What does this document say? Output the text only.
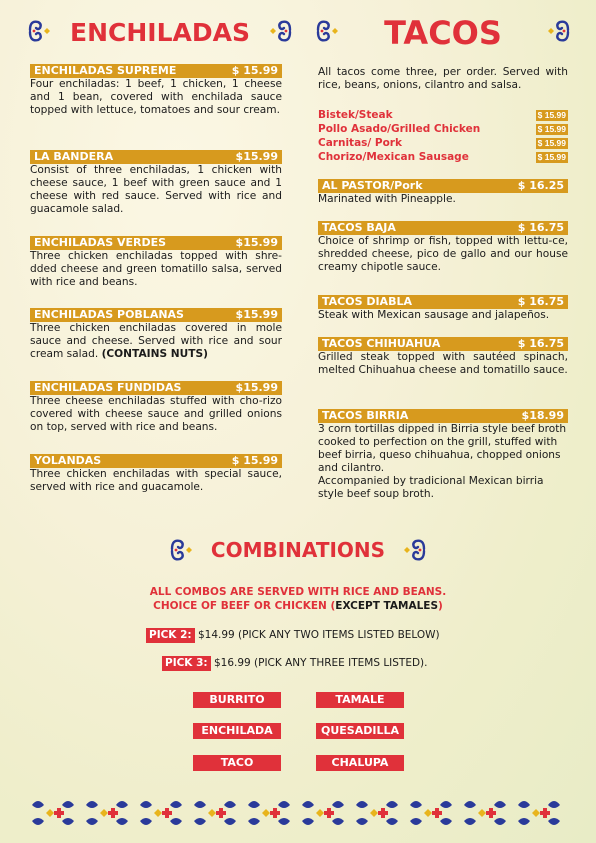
ENCHILADAS	TACOS
ENCHILADAS SUPREME	$ 15.99
Four enchiladas: 1 beef, 1 chicken, 1 cheese and 1 bean, covered with enchilada sauce topped with lettuce, tomatoes and sour cream.
LA BANDERA	$15.99
Consist of three enchiladas, 1 chicken with cheese sauce, 1 beef with green sauce and 1 cheese with red sauce. Served with rice and guacamole salad.
ENCHILADAS VERDES	$15.99
Three chicken enchiladas topped with shre-dded cheese and green tomatillo salsa, served with rice and beans.
ENCHILADAS POBLANAS	$15.99
Three chicken enchiladas covered in mole sauce and cheese. Served with rice and sour cream salad. (CONTAINS NUTS)
ENCHILADAS FUNDIDAS	$15.99
Three cheese enchiladas stuffed with cho-rizo covered with cheese sauce and grilled onions on top, served with rice and beans.
YOLANDAS	$ 15.99
Three chicken enchiladas with special sauce, served with rice and guacamole.
All tacos come three, per order. Served with rice, beans, onions, cilantro and salsa.
Bistek/Steak	$ 15.99
Pollo Asado/Grilled Chicken	$ 15.99
Carnitas/ Pork	$ 15.99
Chorizo/Mexican Sausage	$ 15.99
AL PASTOR/Pork	$ 16.25
Marinated with Pineapple.
TACOS BAJA	$ 16.75
Choice of shrimp or fish, topped with lettu-ce, shredded cheese, pico de gallo and our house creamy chipotle sauce.
TACOS DIABLA	$ 16.75
Steak with Mexican sausage and jalapeños.
TACOS CHIHUAHUA	$ 16.75
Grilled steak topped with sautéed spinach, melted Chihuahua cheese and tomatillo sauce.
TACOS BIRRIA	$18.99
3 corn tortillas dipped in Birria style beef broth cooked to perfection on the grill, stuffed with beef birria, queso chihuahua, chopped onions and cilantro.
Accompanied by tradicional Mexican birria style beef soup broth.
COMBINATIONS
ALL COMBOS ARE SERVED WITH RICE AND BEANS.
CHOICE OF BEEF OR CHICKEN (EXCEPT TAMALES)
PICK 2: $14.99 (PICK ANY TWO ITEMS LISTED BELOW)
PICK 3: $16.99 (PICK ANY THREE ITEMS LISTED).
BURRITO	TAMALE
ENCHILADA	QUESADILLA
TACO	CHALUPA
